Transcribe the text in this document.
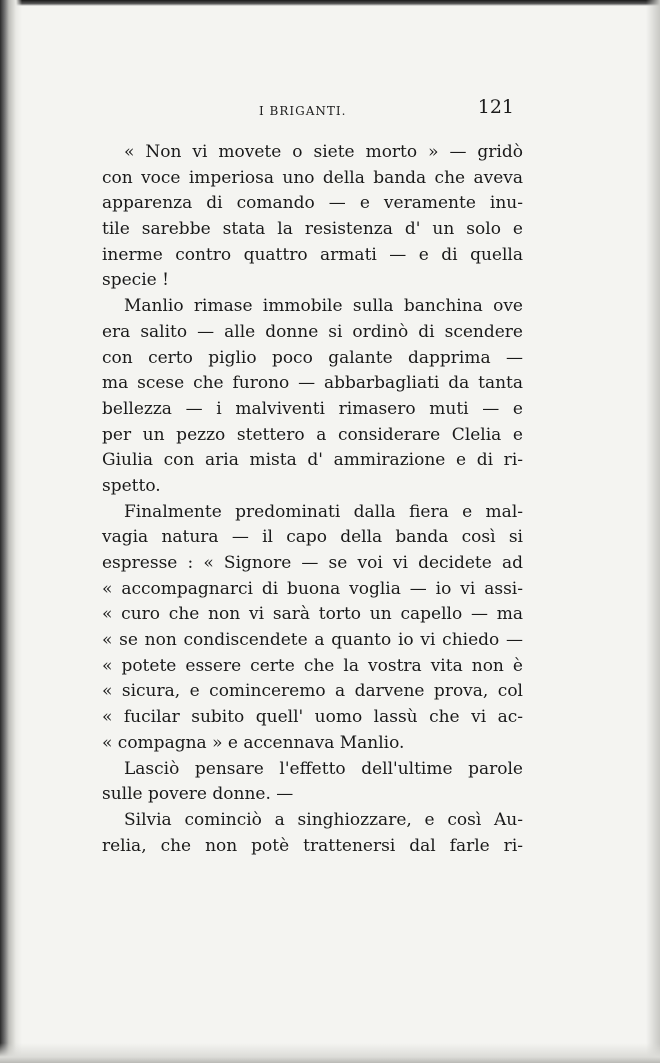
I BRIGANTI.	121
« Non vi movete o siete morto » — gridò
con voce imperiosa uno della banda che aveva
apparenza di comando — e veramente inu-
tile sarebbe stata la resistenza d' un solo e
inerme contro quattro armati — e di quella
specie !
Manlio rimase immobile sulla banchina ove
era salito — alle donne si ordinò di scendere
con certo piglio poco galante dapprima —
ma scese che furono — abbarbagliati da tanta
bellezza — i malviventi rimasero muti — e
per un pezzo stettero a considerare Clelia e
Giulia con aria mista d' ammirazione e di ri-
spetto.
Finalmente predominati dalla fiera e mal-
vagia natura — il capo della banda così si
espresse : « Signore — se voi vi decidete ad
« accompagnarci di buona voglia — io vi assi-
« curo che non vi sarà torto un capello — ma
« se non condiscendete a quanto io vi chiedo —
« potete essere certe che la vostra vita non è
« sicura, e cominceremo a darvene prova, col
« fucilar subito quell' uomo lassù che vi ac-
« compagna » e accennava Manlio.
Lasciò pensare l'effetto dell'ultime parole
sulle povere donne. —
Silvia cominciò a singhiozzare, e così Au-
relia, che non potè trattenersi dal farle ri-
